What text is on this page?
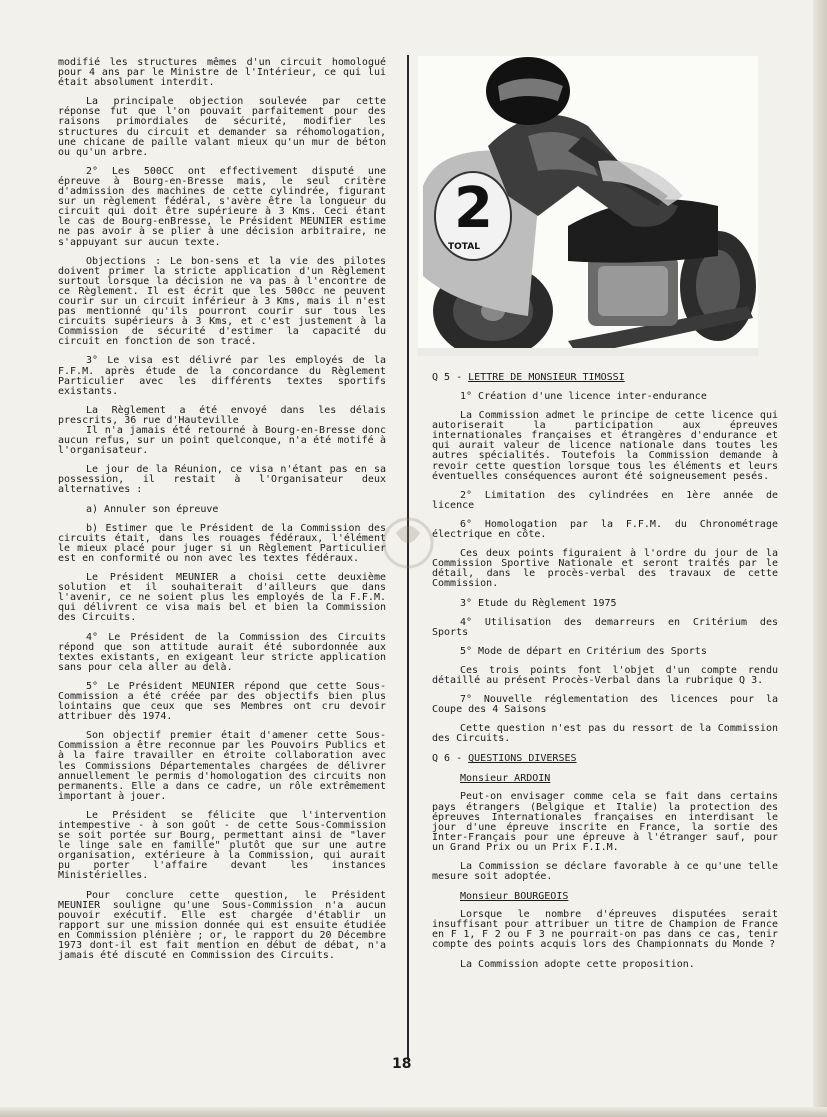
modifié les structures mêmes d'un circuit homologué pour 4 ans par le Ministre de l'Intérieur, ce qui lui était absolument interdit.

La principale objection soulevée par cette réponse fut que l'on pouvait parfaitement pour des raisons primordiales de sécurité, modifier les structures du circuit et demander sa réhomologation, une chicane de paille valant mieux qu'un mur de béton ou qu'un arbre.

2° Les 500CC ont effectivement disputé une épreuve à Bourg-en-Bresse mais, le seul critère d'admission des machines de cette cylindrée, figurant sur un règlement fédéral, s'avère être la longueur du circuit qui doit être supérieure à 3 Kms. Ceci étant le cas de Bourg-enBresse, le Président MEUNIER estime ne pas avoir à se plier à une décision arbitraire, ne s'appuyant sur aucun texte.

Objections : Le bon-sens et la vie des pilotes doivent primer la stricte application d'un Règlement surtout lorsque la décision ne va pas à l'encontre de ce Règlement. Il est écrit que les 500cc ne peuvent courir sur un circuit inférieur à 3 Kms, mais il n'est pas mentionné qu'ils pourront courir sur tous les circuits supérieurs à 3 Kms, et c'est justement à la Commission de sécurité d'estimer la capacité du circuit en fonction de son tracé.

3° Le visa est délivré par les employés de la F.F.M. après étude de la concordance du Règlement Particulier avec les différents textes sportifs existants.

La Règlement a été envoyé dans les délais prescrits, 36 rue d'Hauteville

Il n'a jamais été retourné à Bourg-en-Bresse donc aucun refus, sur un point quelconque, n'a été motifé à l'organisateur.

Le jour de la Réunion, ce visa n'étant pas en sa possession, il restait à l'Organisateur deux alternatives :

a) Annuler son épreuve

b) Estimer que le Président de la Commission des circuits était, dans les rouages fédéraux, l'élément le mieux placé pour juger si un Règlement Particulier est en conformité ou non avec les textes fédéraux.

Le Président MEUNIER a choisi cette deuxième solution et il souhaiterait d'ailleurs que dans l'avenir, ce ne soient plus les employés de la F.F.M. qui délivrent ce visa mais bel et bien la Commission des Circuits.

4° Le Président de la Commission des Circuits répond que son attitude aurait été subordonnée aux textes existants, en exigeant leur stricte application sans pour cela aller au delà.

5° Le Président MEUNIER répond que cette Sous-Commission a été créée par des objectifs bien plus lointains que ceux que ses Membres ont cru devoir attribuer dès 1974.

Son objectif premier était d'amener cette Sous-Commission a être reconnue par les Pouvoirs Publics et à la faire travailler en étroite collaboration avec les Commissions Départementales chargées de délivrer annuellement le permis d'homologation des circuits non permanents. Elle a dans ce cadre, un rôle extrêmement important à jouer.

Le Président se félicite que l'intervention intempestive - à son goût - de cette Sous-Commission se soit portée sur Bourg, permettant ainsi de "laver le linge sale en famille" plutôt que sur une autre organisation, extérieure à la Commission, qui aurait pu porter l'affaire devant les instances Ministérielles.

Pour conclure cette question, le Président MEUNIER souligne qu'une Sous-Commission n'a aucun pouvoir exécutif. Elle est chargée d'établir un rapport sur une mission donnée qui est ensuite étudiée en Commission plénière ; or, le rapport du 20 Décembre 1973 dont-il est fait mention en début de débat, n'a jamais été discuté en Commission des Circuits.

2
TOTAL
Q 5 - LETTRE DE MONSIEUR TIMOSSI

1° Création d'une licence inter-endurance

La Commission admet le principe de cette licence qui autoriserait la participation aux épreuves internationales françaises et étrangères d'endurance et qui aurait valeur de licence nationale dans toutes les autres spécialités. Toutefois la Commission demande à revoir cette question lorsque tous les éléments et leurs éventuelles conséquences auront été soigneusement pesés.

2° Limitation des cylindrées en 1ère année de licence

6° Homologation par la F.F.M. du Chronométrage électrique en côte.

Ces deux points figuraient à l'ordre du jour de la Commission Sportive Nationale et seront traités par le détail, dans le procès-verbal des travaux de cette Commission.

3° Etude du Règlement 1975

4° Utilisation des demarreurs en Critérium des Sports

5° Mode de départ en Critérium des Sports

Ces trois points font l'objet d'un compte rendu détaillé au présent Procès-Verbal dans la rubrique Q 3.

7° Nouvelle réglementation des licences pour la Coupe des 4 Saisons

Cette question n'est pas du ressort de la Commission des Circuits.

Q 6 - QUESTIONS DIVERSES
Monsieur ARDOIN

Peut-on envisager comme cela se fait dans certains pays étrangers (Belgique et Italie) la protection des épreuves Internationales françaises en interdisant le jour d'une épreuve inscrite en France, la sortie des Inter-Français pour une épreuve à l'étranger sauf, pour un Grand Prix ou un Prix F.I.M.

La Commission se déclare favorable à ce qu'une telle mesure soit adoptée.

Monsieur BOURGEOIS

Lorsque le nombre d'épreuves disputées serait insuffisant pour attribuer un titre de Champion de France en F 1, F 2 ou F 3 ne pourrait-on pas dans ce cas, tenir compte des points acquis lors des Championnats du Monde ?

La Commission adopte cette proposition.

18
